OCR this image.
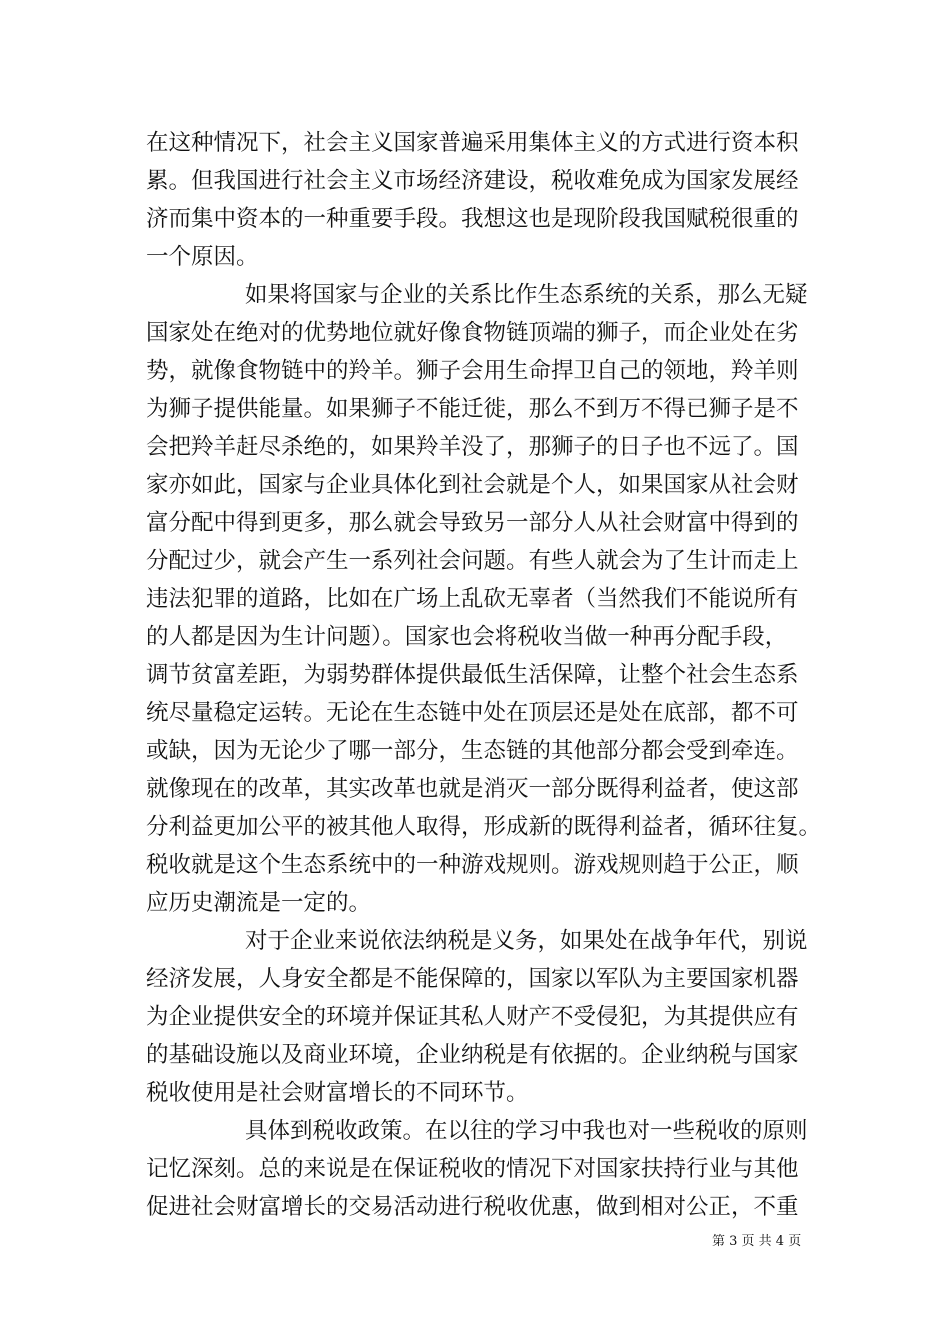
在这种情况下，社会主义国家普遍采用集体主义的方式进行资本积
累。但我国进行社会主义市场经济建设，税收难免成为国家发展经
济而集中资本的一种重要手段。我想这也是现阶段我国赋税很重的
一个原因。
如果将国家与企业的关系比作生态系统的关系，那么无疑
国家处在绝对的优势地位就好像食物链顶端的狮子，而企业处在劣
势，就像食物链中的羚羊。狮子会用生命捍卫自己的领地，羚羊则
为狮子提供能量。如果狮子不能迁徙，那么不到万不得已狮子是不
会把羚羊赶尽杀绝的，如果羚羊没了，那狮子的日子也不远了。国
家亦如此，国家与企业具体化到社会就是个人，如果国家从社会财
富分配中得到更多，那么就会导致另一部分人从社会财富中得到的
分配过少，就会产生一系列社会问题。有些人就会为了生计而走上
违法犯罪的道路，比如在广场上乱砍无辜者（当然我们不能说所有
的人都是因为生计问题）。国家也会将税收当做一种再分配手段，
调节贫富差距，为弱势群体提供最低生活保障，让整个社会生态系
统尽量稳定运转。无论在生态链中处在顶层还是处在底部，都不可
或缺，因为无论少了哪一部分，生态链的其他部分都会受到牵连。
就像现在的改革，其实改革也就是消灭一部分既得利益者，使这部
分利益更加公平的被其他人取得，形成新的既得利益者，循环往复。
税收就是这个生态系统中的一种游戏规则。游戏规则趋于公正，顺
应历史潮流是一定的。
对于企业来说依法纳税是义务，如果处在战争年代，别说
经济发展，人身安全都是不能保障的，国家以军队为主要国家机器
为企业提供安全的环境并保证其私人财产不受侵犯，为其提供应有
的基础设施以及商业环境，企业纳税是有依据的。企业纳税与国家
税收使用是社会财富增长的不同环节。
具体到税收政策。在以往的学习中我也对一些税收的原则
记忆深刻。总的来说是在保证税收的情况下对国家扶持行业与其他
促进社会财富增长的交易活动进行税收优惠，做到相对公正，不重
第 3 页 共 4 页
